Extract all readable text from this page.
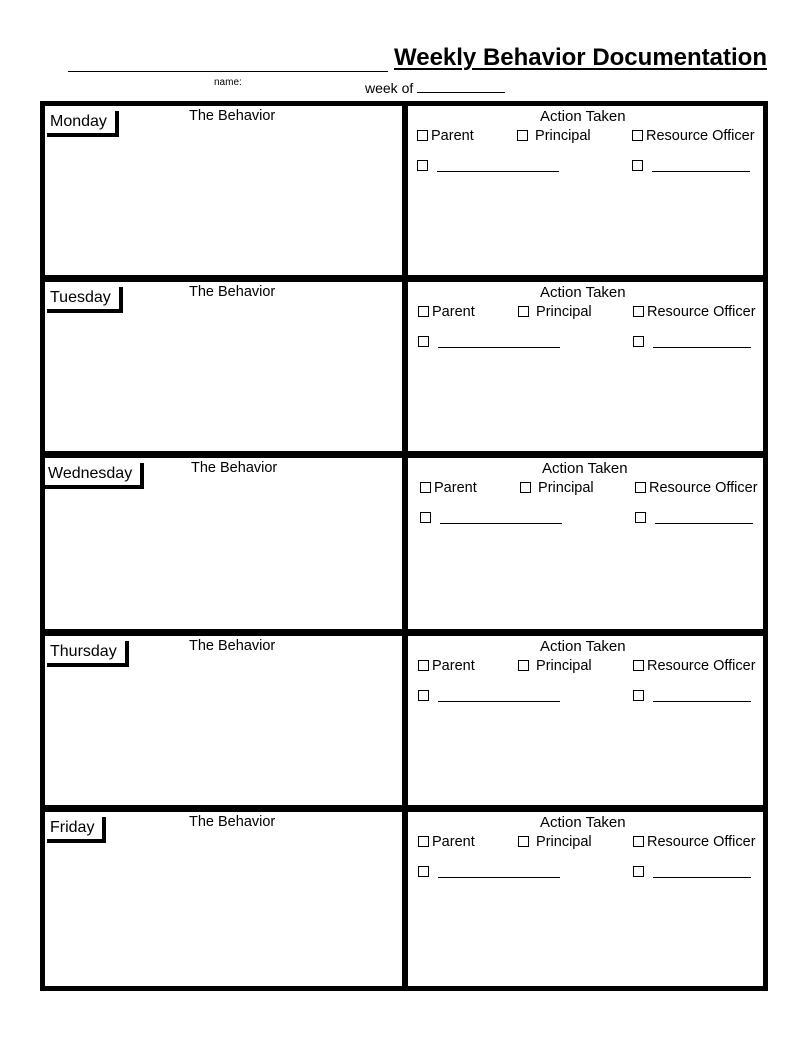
Weekly Behavior Documentation
name:	week of
Monday	The Behavior	Action Taken
Parent	Principal	Resource Officer
Tuesday	The Behavior	Action Taken
Parent	Principal	Resource Officer
Wednesday	The Behavior	Action Taken
Parent	Principal	Resource Officer
Thursday	The Behavior	Action Taken
Parent	Principal	Resource Officer
Friday	The Behavior	Action Taken
Parent	Principal	Resource Officer
